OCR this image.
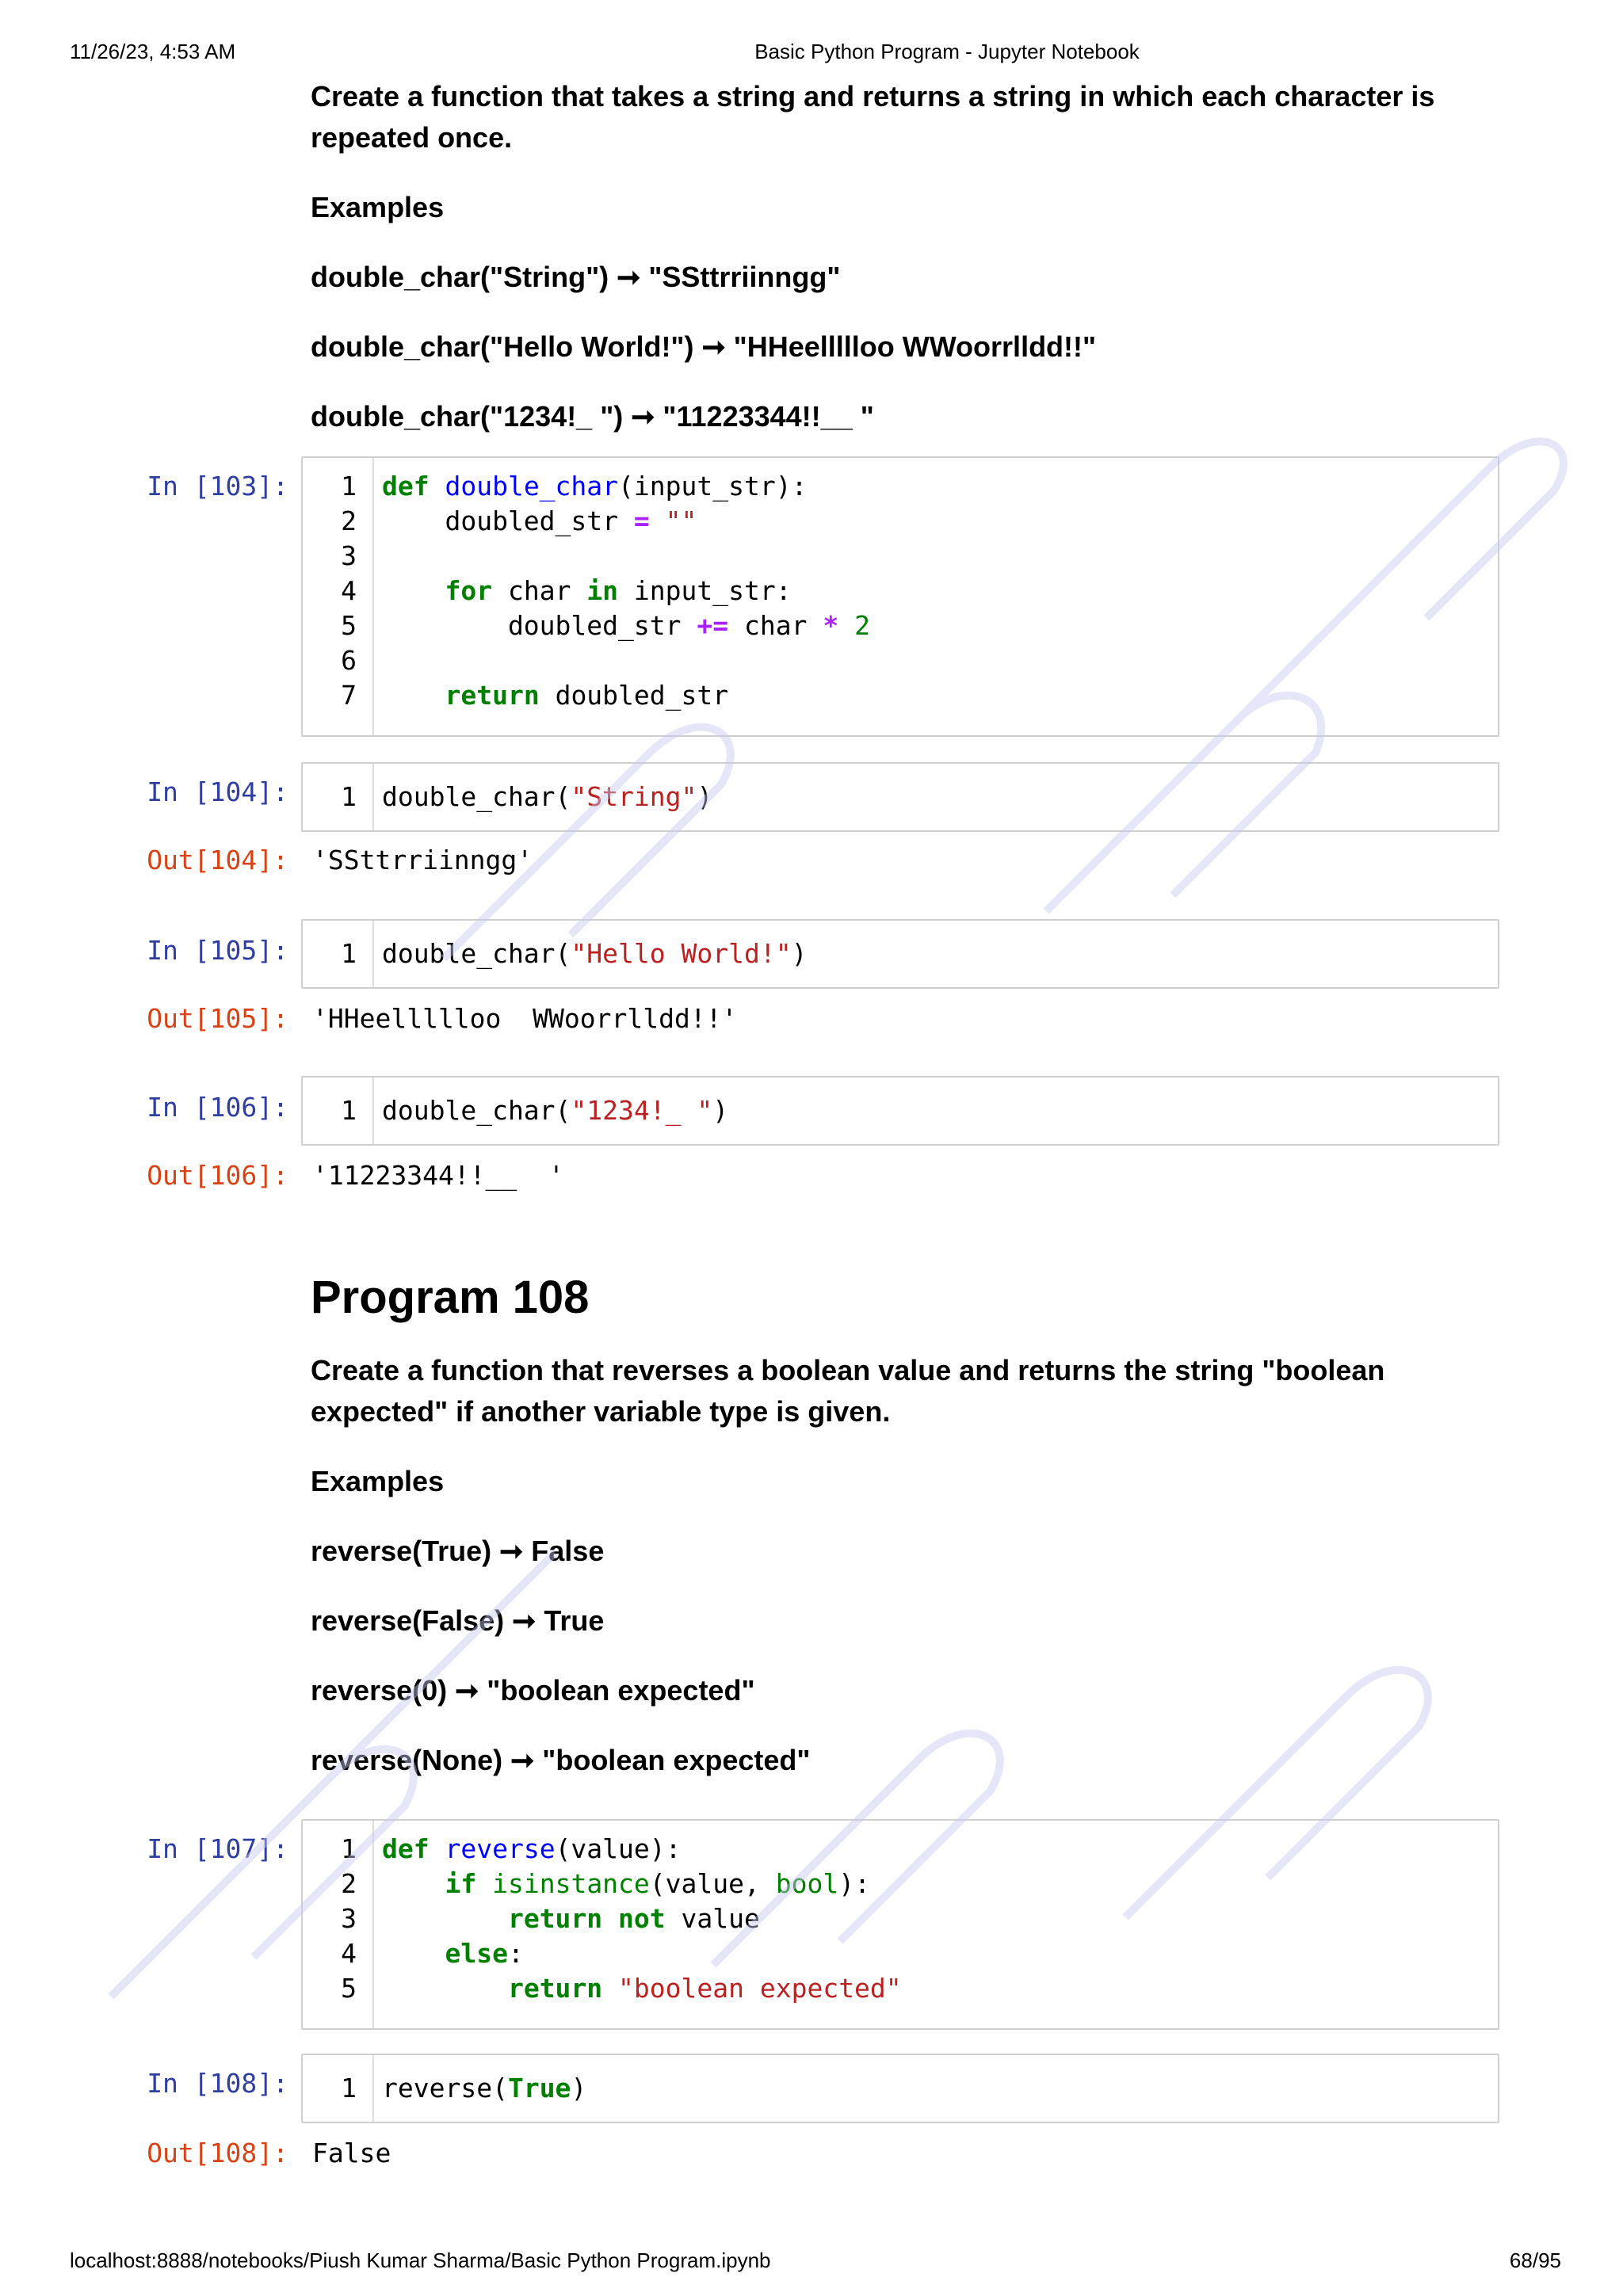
11/26/23, 4:53 AM	Basic Python Program - Jupyter Notebook

Create a function that takes a string and returns a string in which each character is repeated once.

Examples

double_char("String") ➞ "SSttrriinngg"

double_char("Hello World!") ➞ "HHeellllloo WWoorrlldd!!"

double_char("1234!_ ") ➞ "11223344!!__ "

In [103]:	1 def double_char(input_str):
2 doubled_str = ""
3
4	for char in input_str:
5 doubled_str += char * 2
6
7	return doubled_str
In [104]:	1 double_char("String")
Out[104]: 'SSttrriinngg'
In [105]:	1 double_char("Hello World!")
Out[105]: 'HHeellllloo  WWoorrlldd!!'
In [106]:	1 double_char("1234!_ ")
Out[106]: '11223344!!__  '
Program 108

Create a function that reverses a boolean value and returns the string "boolean expected" if another variable type is given.

Examples

reverse(True) ➞ False

reverse(False) ➞ True

reverse(0) ➞ "boolean expected"

reverse(None) ➞ "boolean expected"

In [107]:	1 def reverse(value):
2	if isinstance(value, bool):
3	return not value
4	else:
5	return "boolean expected"
In [108]:	1 reverse(True)
Out[108]: False
localhost:8888/notebooks/Piush Kumar Sharma/Basic Python Program.ipynb	68/95
